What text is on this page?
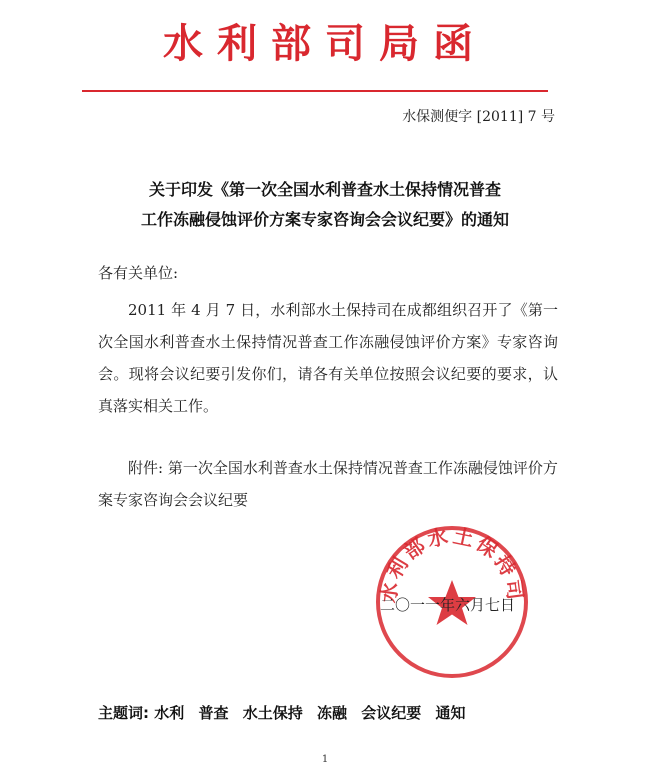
水利部司局函
水保测便字 [2011] 7 号
关于印发《第一次全国水利普查水土保持情况普查
工作冻融侵蚀评价方案专家咨询会会议纪要》的通知
各有关单位:
2011 年 4 月 7 日，水利部水土保持司在成都组织召开了《第一次全国水利普查水土保持情况普查工作冻融侵蚀评价方案》专家咨询会。现将会议纪要引发你们，请各有关单位按照会议纪要的要求，认真落实相关工作。
附件: 第一次全国水利普查水土保持情况普查工作冻融侵蚀评价方案专家咨询会会议纪要
水利部水土保持司
二〇一一年六月七日
主题词: 水利 普查 水土保持 冻融 会议纪要 通知
1
